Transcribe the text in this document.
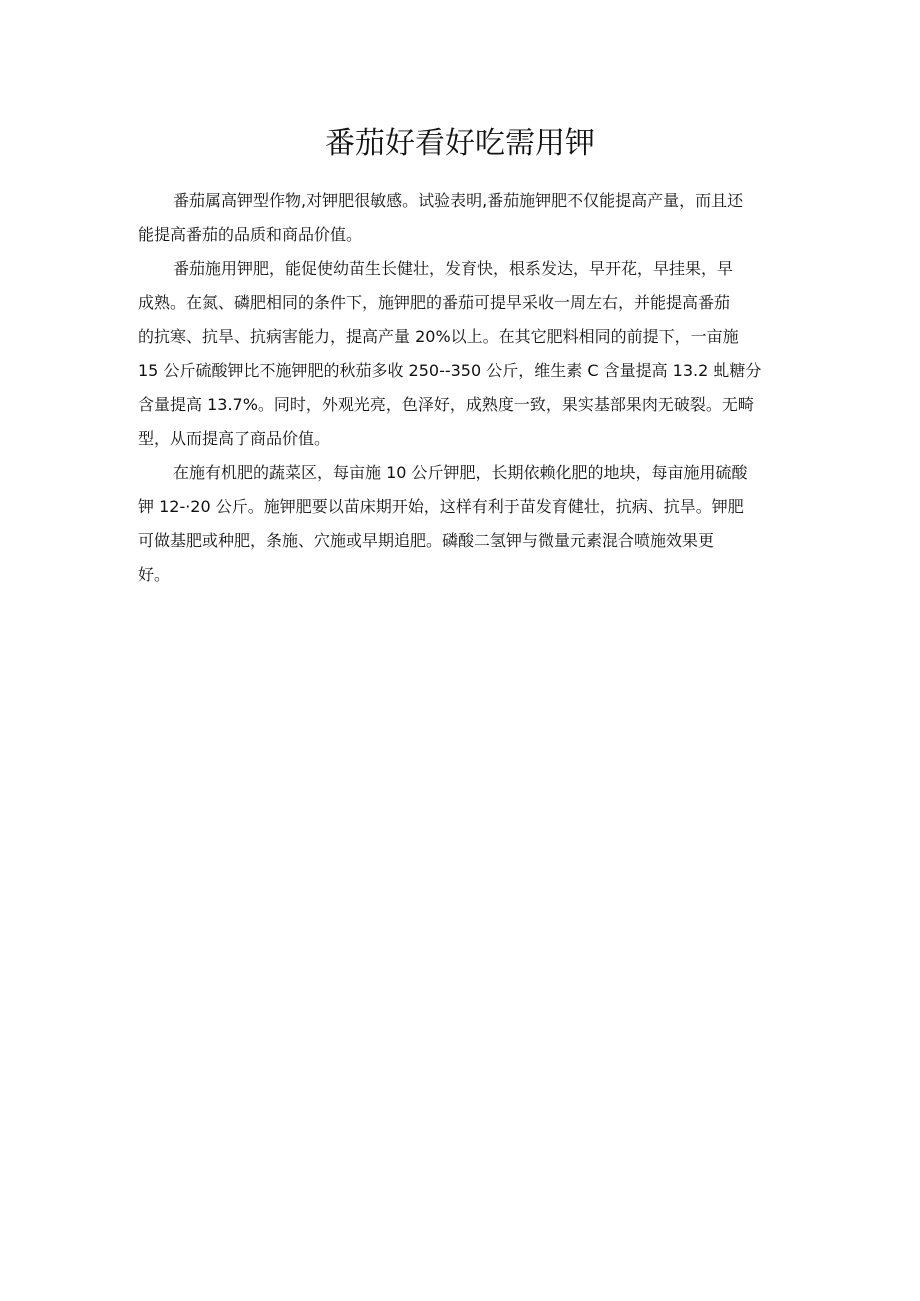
番茄好看好吃需用钾

番茄属高钾型作物,对钾肥很敏感。试验表明,番茄施钾肥不仅能提高产量，而且还
能提高番茄的品质和商品价值。

番茄施用钾肥，能促使幼苗生长健壮，发育快，根系发达，早开花，早挂果，早
成熟。在氮、磷肥相同的条件下，施钾肥的番茄可提早采收一周左右，并能提高番茄
的抗寒、抗旱、抗病害能力，提高产量 20%以上。在其它肥料相同的前提下，一亩施
15 公斤硫酸钾比不施钾肥的秋茄多收 250--350 公斤，维生素 C 含量提高 13.2 虬糖分
含量提高 13.7%。同时，外观光亮，色泽好，成熟度一致，果实基部果肉无破裂。无畸
型，从而提高了商品价值。

在施有机肥的蔬菜区，每亩施 10 公斤钾肥，长期依赖化肥的地块，每亩施用硫酸
钾 12-·20 公斤。施钾肥要以苗床期开始，这样有利于苗发育健壮，抗病、抗旱。钾肥
可做基肥或种肥，条施、穴施或早期追肥。磷酸二氢钾与微量元素混合喷施效果更
好。
